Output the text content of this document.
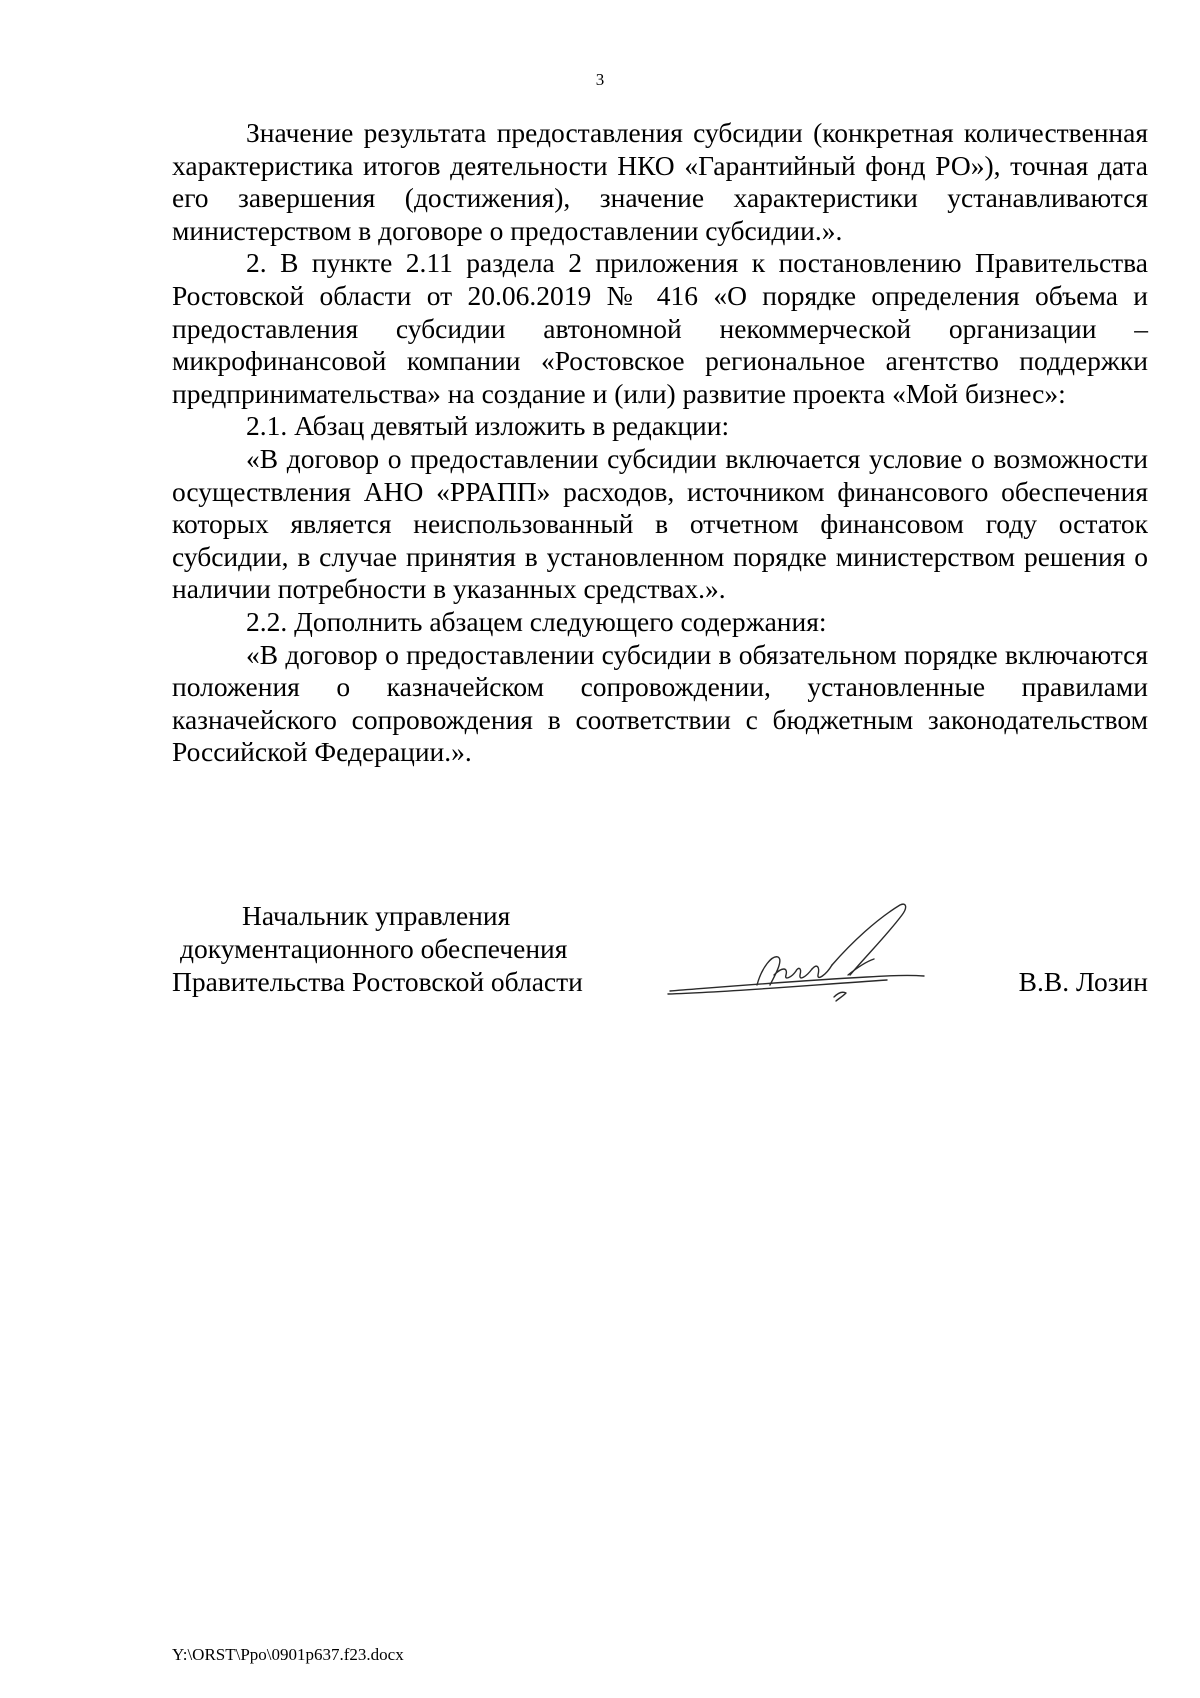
3

Значение результата предоставления субсидии (конкретная количественная характеристика итогов деятельности НКО «Гарантийный фонд РО»), точная дата его завершения (достижения), значение характеристики устанавливаются министерством в договоре о предоставлении субсидии.».

2. В пункте 2.11 раздела 2 приложения к постановлению Правительства Ростовской области от 20.06.2019 № 416 «О порядке определения объема и предоставления субсидии автономной некоммерческой организации – микрофинансовой компании «Ростовское региональное агентство поддержки предпринимательства» на создание и (или) развитие проекта «Мой бизнес»:

2.1. Абзац девятый изложить в редакции:

«В договор о предоставлении субсидии включается условие о возможности осуществления АНО «РРАПП» расходов, источником финансового обеспечения которых является неиспользованный в отчетном финансовом году остаток субсидии, в случае принятия в установленном порядке министерством решения о наличии потребности в указанных средствах.».

2.2. Дополнить абзацем следующего содержания:

«В договор о предоставлении субсидии в обязательном порядке включаются положения о казначейском сопровождении, установленные правилами казначейского сопровождения в соответствии с бюджетным законодательством Российской Федерации.».

Начальник управления
документационного обеспечения
Правительства Ростовской области	В.В. Лозин
Y:\ORST\Ppo\0901p637.f23.docx
